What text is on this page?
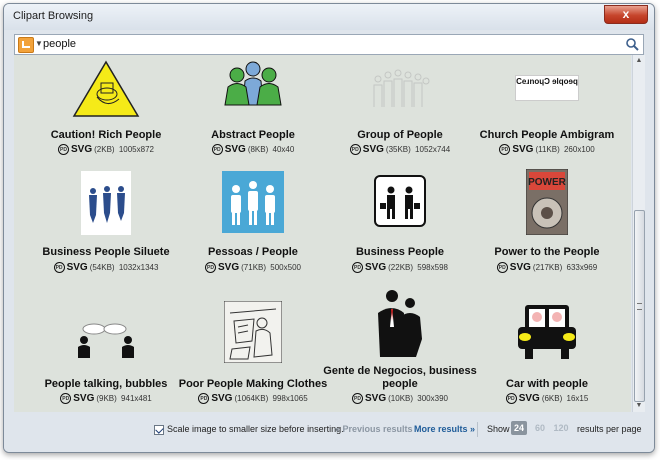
Clipart Browsing	x
▼
people
Caution! Rich People
PD SVG (2KB) 1005x872
Abstract People
PD SVG (8KB) 40x40
Group of People
PD SVG (35KB) 1052x744
CeɹnoɥƆ ɘlqoɘq
Church People Ambigram
PD SVG (11KB) 260x100
Business People Siluete
PD SVG (54KB) 1032x1343
Pessoas / People
PD SVG (71KB) 500x500
Business People
PD SVG (22KB) 598x598
POWER
Power to the People
PD SVG (217KB) 633x969
People talking, bubbles
PD SVG (9KB) 941x481
Poor People Making Clothes
PD SVG (1064KB) 998x1065
Gente de Negocios, business people
PD SVG (10KB) 300x390
Car with people
PD SVG (6KB) 16x15
▲
▼
Scale image to smaller size before inserting.
« Previous results More results » Show 24	60 120 results per page
